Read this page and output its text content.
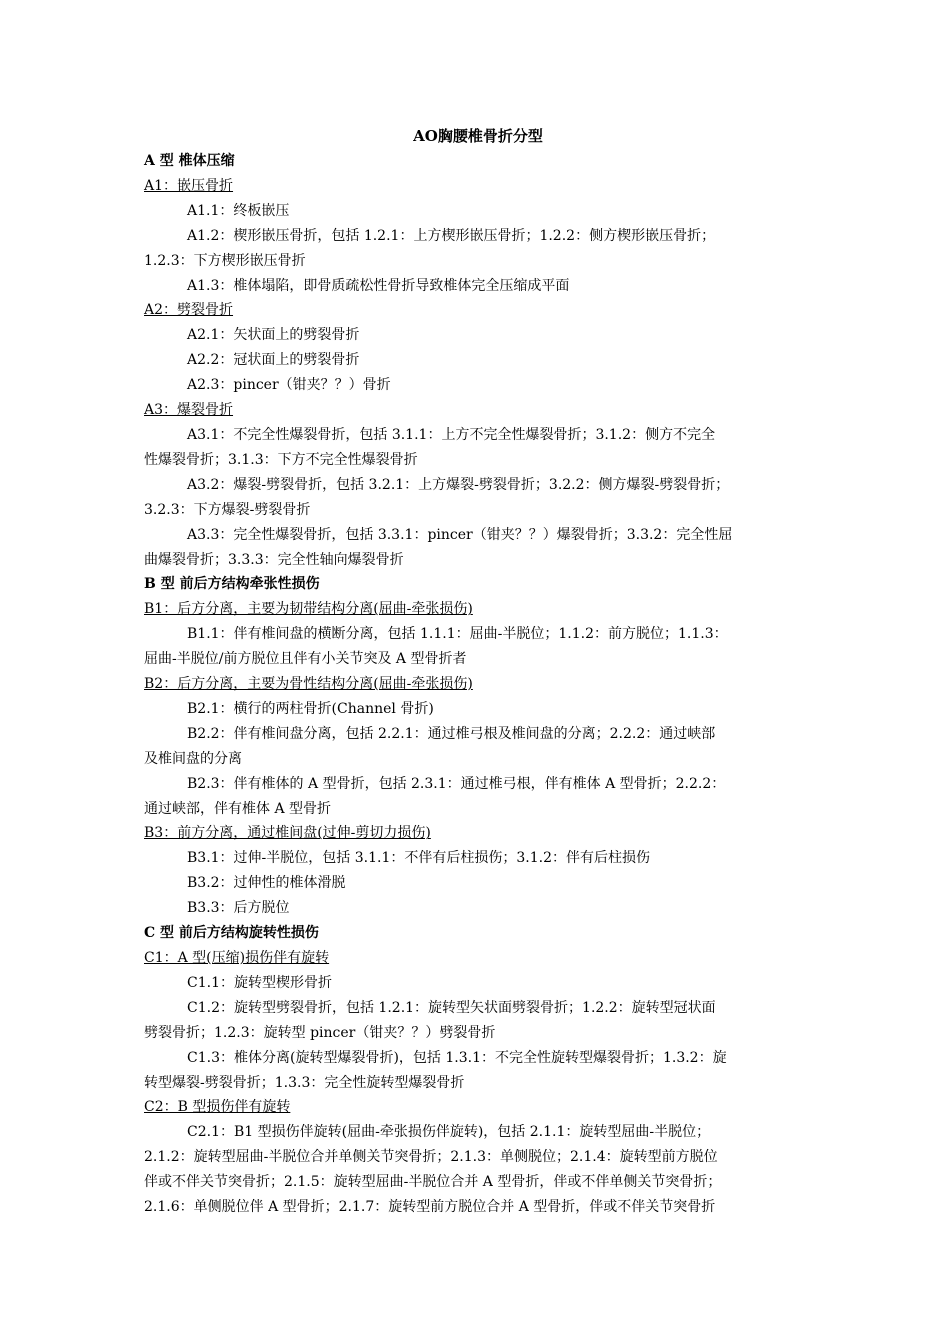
AO胸腰椎骨折分型

A 型 椎体压缩

A1：嵌压骨折

A1.1：终板嵌压

A1.2：楔形嵌压骨折，包括 1.2.1：上方楔形嵌压骨折；1.2.2：侧方楔形嵌压骨折；

1.2.3：下方楔形嵌压骨折

A1.3：椎体塌陷，即骨质疏松性骨折导致椎体完全压缩成平面

A2：劈裂骨折

A2.1：矢状面上的劈裂骨折

A2.2：冠状面上的劈裂骨折

A2.3：pincer（钳夹？？）骨折

A3：爆裂骨折

A3.1：不完全性爆裂骨折，包括 3.1.1：上方不完全性爆裂骨折；3.1.2：侧方不完全

性爆裂骨折；3.1.3：下方不完全性爆裂骨折

A3.2：爆裂-劈裂骨折，包括 3.2.1：上方爆裂-劈裂骨折；3.2.2：侧方爆裂-劈裂骨折；

3.2.3：下方爆裂-劈裂骨折

A3.3：完全性爆裂骨折，包括 3.3.1：pincer（钳夹？？）爆裂骨折；3.3.2：完全性屈

曲爆裂骨折；3.3.3：完全性轴向爆裂骨折

B 型 前后方结构牵张性损伤

B1：后方分离，主要为韧带结构分离(屈曲-牵张损伤)

B1.1：伴有椎间盘的横断分离，包括 1.1.1：屈曲-半脱位；1.1.2：前方脱位；1.1.3：

屈曲-半脱位/前方脱位且伴有小关节突及 A 型骨折者

B2：后方分离，主要为骨性结构分离(屈曲-牵张损伤)

B2.1：横行的两柱骨折(Channel 骨折)

B2.2：伴有椎间盘分离，包括 2.2.1：通过椎弓根及椎间盘的分离；2.2.2：通过峡部

及椎间盘的分离

B2.3：伴有椎体的 A 型骨折，包括 2.3.1：通过椎弓根，伴有椎体 A 型骨折；2.2.2：

通过峡部，伴有椎体 A 型骨折

B3：前方分离，通过椎间盘(过伸-剪切力损伤)

B3.1：过伸-半脱位，包括 3.1.1：不伴有后柱损伤；3.1.2：伴有后柱损伤

B3.2：过伸性的椎体滑脱

B3.3：后方脱位

C 型 前后方结构旋转性损伤

C1：A 型(压缩)损伤伴有旋转

C1.1：旋转型楔形骨折

C1.2：旋转型劈裂骨折，包括 1.2.1：旋转型矢状面劈裂骨折；1.2.2：旋转型冠状面

劈裂骨折；1.2.3：旋转型 pincer（钳夹？？）劈裂骨折

C1.3：椎体分离(旋转型爆裂骨折)，包括 1.3.1：不完全性旋转型爆裂骨折；1.3.2：旋

转型爆裂-劈裂骨折；1.3.3：完全性旋转型爆裂骨折

C2：B 型损伤伴有旋转

C2.1：B1 型损伤伴旋转(屈曲-牵张损伤伴旋转)，包括 2.1.1：旋转型屈曲-半脱位；

2.1.2：旋转型屈曲-半脱位合并单侧关节突骨折；2.1.3：单侧脱位；2.1.4：旋转型前方脱位

伴或不伴关节突骨折；2.1.5：旋转型屈曲-半脱位合并 A 型骨折，伴或不伴单侧关节突骨折；

2.1.6：单侧脱位伴 A 型骨折；2.1.7：旋转型前方脱位合并 A 型骨折，伴或不伴关节突骨折
